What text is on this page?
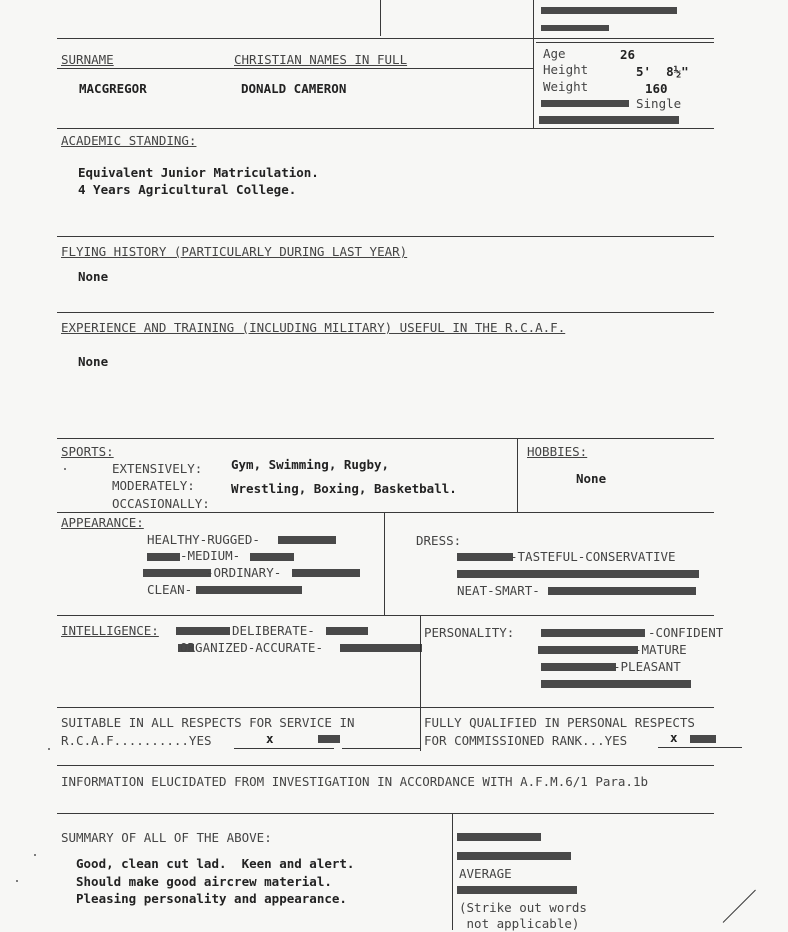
SURNAME	CHRISTIAN NAMES IN FULL
MACGREGOR	DONALD CAMERON
Age	26
Height	5'  8½"
Weight	160
Single
ACADEMIC STANDING:
Equivalent Junior Matriculation.
4 Years Agricultural College.
FLYING HISTORY (PARTICULARLY DURING LAST YEAR)
None
EXPERIENCE AND TRAINING (INCLUDING MILITARY) USEFUL IN THE R.C.A.F.
None
SPORTS:
EXTENSIVELY: Gym, Swimming, Rugby,
MODERATELY:	Wrestling, Boxing, Basketball.
OCCASIONALLY:
HOBBIES:
None
APPEARANCE:
HEALTHY-RUGGED-
-MEDIUM-
-ORDINARY-
CLEAN-
DRESS:
-TASTEFUL-CONSERVATIVE
NEAT-SMART-
INTELLIGENCE:	DELIBERATE-
ORGANIZED-ACCURATE-
PERSONALITY:	-CONFIDENT
-MATURE
-PLEASANT
SUITABLE IN ALL RESPECTS FOR SERVICE IN
R.C.A.F..........YES	x
FULLY QUALIFIED IN PERSONAL RESPECTS
FOR COMMISSIONED RANK...YES	x
INFORMATION ELUCIDATED FROM INVESTIGATION IN ACCORDANCE WITH A.F.M.6/1 Para.1b
SUMMARY OF ALL OF THE ABOVE:
Good, clean cut lad.  Keen and alert.
Should make good aircrew material.
Pleasing personality and appearance.
AVERAGE
(Strike out words
not applicable)
